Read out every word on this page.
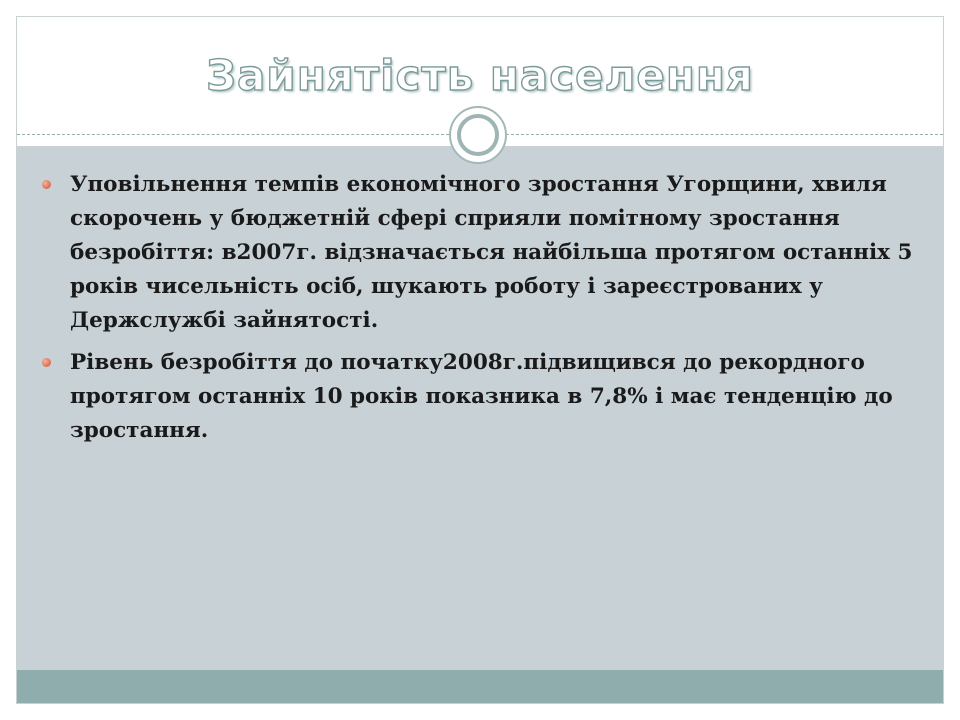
Зайнятість населення
Уповільнення темпів економічного зростання Угорщини, хвиля скорочень у бюджетній сфері сприяли помітному зростання безробіття: в2007г. відзначається найбільша протягом останніх 5 років чисельність осіб, шукають роботу і зареєстрованих у Держслужбі зайнятості.
Рівень безробіття до початку2008г.підвищився до рекордного протягом останніх 10 років показника в 7,8% і має тенденцію до зростання.
